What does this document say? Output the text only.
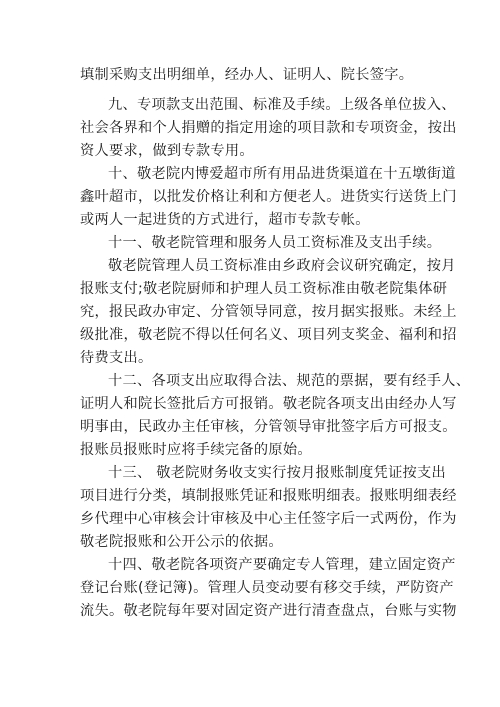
填制采购支出明细单，经办人、证明人、院长签字。
九、专项款支出范围、标准及手续。上级各单位拔入、
社会各界和个人捐赠的指定用途的项目款和专项资金，按出
资人要求，做到专款专用。
十、敬老院内博爱超市所有用品进货渠道在十五墩街道
鑫叶超市，以批发价格让利和方便老人。进货实行送货上门
或两人一起进货的方式进行，超市专款专帐。
十一、敬老院管理和服务人员工资标准及支出手续。
敬老院管理人员工资标准由乡政府会议研究确定，按月
报账支付;敬老院厨师和护理人员工资标准由敬老院集体研
究，报民政办审定、分管领导同意，按月据实报账。未经上
级批准，敬老院不得以任何名义、项目列支奖金、福利和招
待费支出。
十二、各项支出应取得合法、规范的票据，要有经手人、
证明人和院长签批后方可报销。敬老院各项支出由经办人写
明事由，民政办主任审核，分管领导审批签字后方可报支。
报账员报账时应将手续完备的原始。
十三、 敬老院财务收支实行按月报账制度凭证按支出
项目进行分类，填制报账凭证和报账明细表。报账明细表经
乡代理中心审核会计审核及中心主任签字后一式两份，作为
敬老院报账和公开公示的依据。
十四、敬老院各项资产要确定专人管理，建立固定资产
登记台账(登记簿)。管理人员变动要有移交手续，严防资产
流失。敬老院每年要对固定资产进行清查盘点，台账与实物
